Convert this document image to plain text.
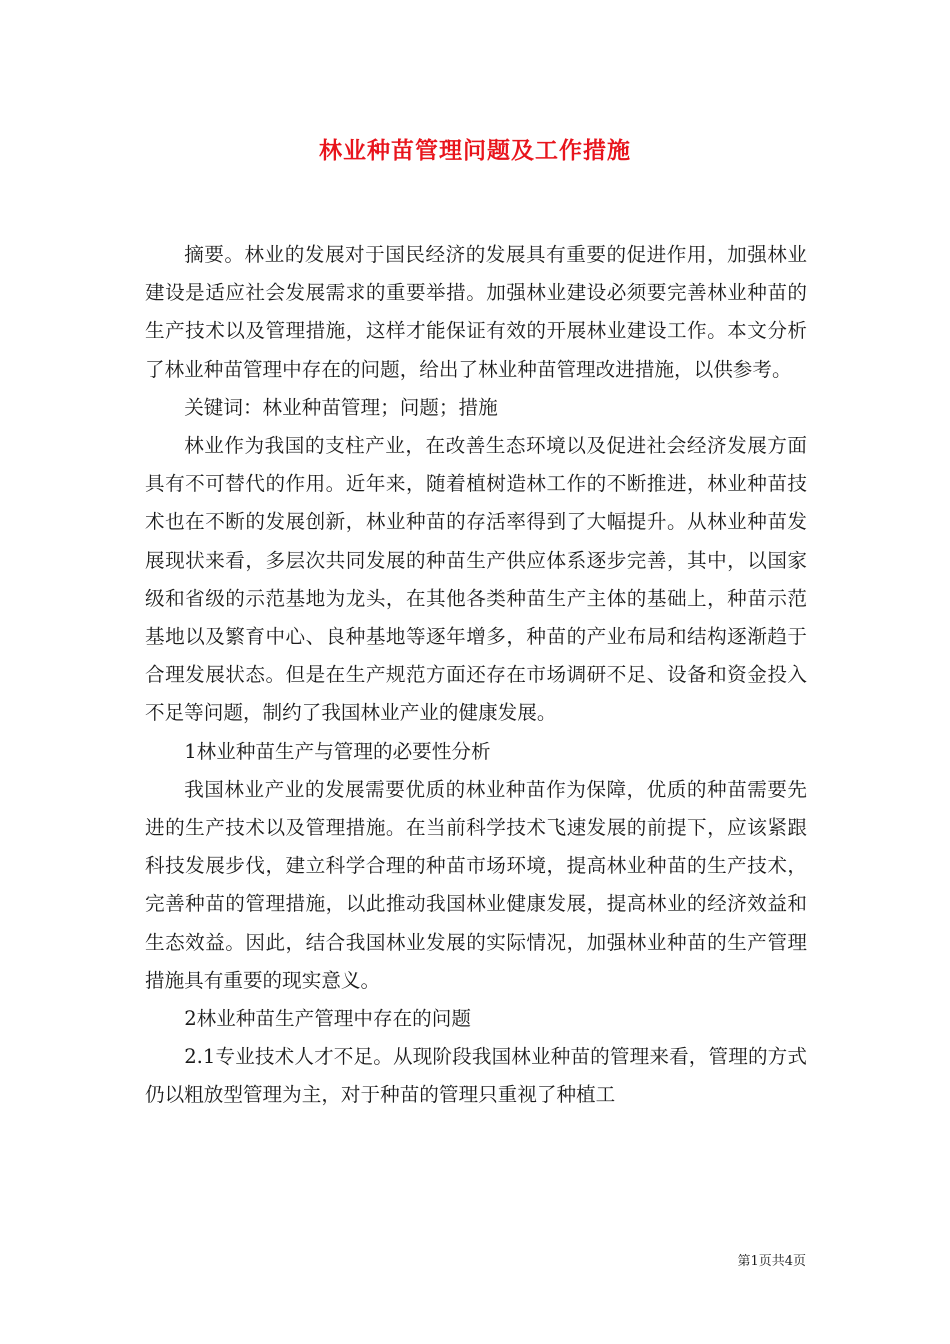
林业种苗管理问题及工作措施

摘要。林业的发展对于国民经济的发展具有重要的促进作用，加强林业建设是适应社会发展需求的重要举措。加强林业建设必须要完善林业种苗的生产技术以及管理措施，这样才能保证有效的开展林业建设工作。本文分析了林业种苗管理中存在的问题，给出了林业种苗管理改进措施，以供参考。

关键词：林业种苗管理；问题；措施

林业作为我国的支柱产业，在改善生态环境以及促进社会经济发展方面具有不可替代的作用。近年来，随着植树造林工作的不断推进，林业种苗技术也在不断的发展创新，林业种苗的存活率得到了大幅提升。从林业种苗发展现状来看，多层次共同发展的种苗生产供应体系逐步完善，其中，以国家级和省级的示范基地为龙头，在其他各类种苗生产主体的基础上，种苗示范基地以及繁育中心、良种基地等逐年增多，种苗的产业布局和结构逐渐趋于合理发展状态。但是在生产规范方面还存在市场调研不足、设备和资金投入不足等问题，制约了我国林业产业的健康发展。

1林业种苗生产与管理的必要性分析

我国林业产业的发展需要优质的林业种苗作为保障，优质的种苗需要先进的生产技术以及管理措施。在当前科学技术飞速发展的前提下，应该紧跟科技发展步伐，建立科学合理的种苗市场环境，提高林业种苗的生产技术，完善种苗的管理措施，以此推动我国林业健康发展，提高林业的经济效益和生态效益。因此，结合我国林业发展的实际情况，加强林业种苗的生产管理措施具有重要的现实意义。

2林业种苗生产管理中存在的问题

2.1专业技术人才不足。从现阶段我国林业种苗的管理来看，管理的方式仍以粗放型管理为主，对于种苗的管理只重视了种植工

第1页共4页
